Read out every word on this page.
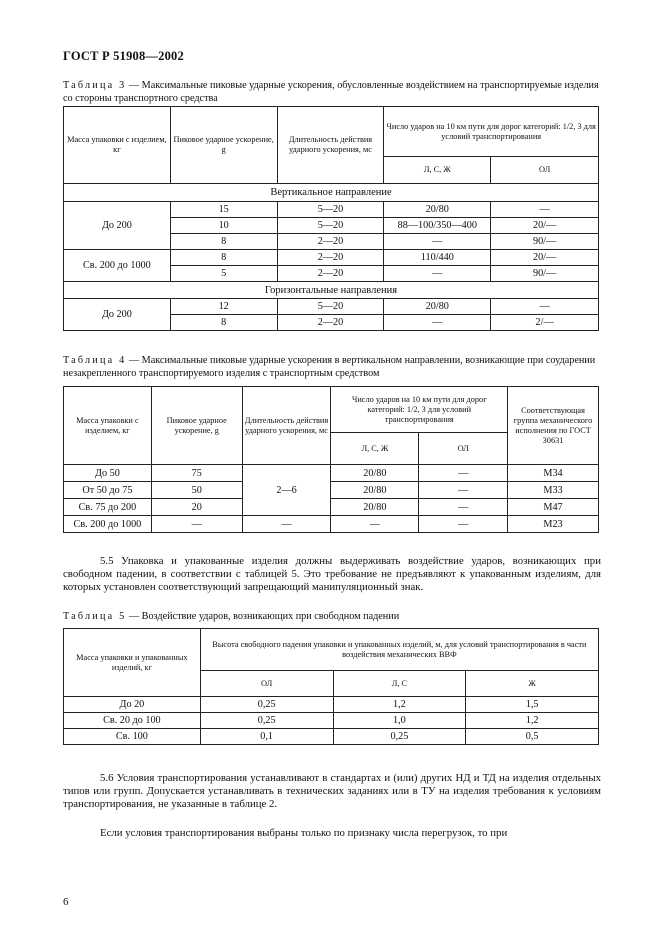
ГОСТ Р 51908—2002
Таблица 3 — Максимальные пиковые ударные ускорения, обусловленные воздействием на транспортируемые изделия со стороны транспортного средства
Масса упаковки с изделием, кг	Пиковое ударное ускорение, g	Длительность действия ударного ускорения, мс	Число ударов на 10 км пути для дорог категорий: 1/2, 3 для условий транспортирования	
			Л, С, Ж	ОЛ
Вертикальное направление				
До 200	15	5—20	20/80	—
	10	5—20	88—100/350—400	20/—
	8	2—20	—	90/—
Св. 200 до 1000	8	2—20	110/440	20/—
	5	2—20	—	90/—
Горизонтальные направления				
До 200	12	5—20	20/80	—
	8	2—20	—	2/—
Таблица 4 — Максимальные пиковые ударные ускорения в вертикальном направлении, возникающие при соударении незакрепленного транспортируемого изделия с транспортным средством
Масса упаковки с изделием, кг	Пиковое ударное ускорение, g	Длительность действия ударного ускорения, мс	Число ударов на 10 км пути для дорог категорий: 1/2, 3 для условий транспортирования		Соответствующая группа механического исполнения по ГОСТ 30631
			Л, С, Ж	ОЛ	
До 50	75	2—6	20/80	—	М34
От 50 до 75	50		20/80	—	М33
Св. 75 до 200	20		20/80	—	М47
Св. 200 до 1000	—	—	—	—	М23
5.5 Упаковка и упакованные изделия должны выдерживать воздействие ударов, возникающих при свободном падении, в соответствии с таблицей 5. Это требование не предъявляют к упакованным изделиям, для которых установлен соответствующий запрещающий манипуляционный знак.
Таблица 5 — Воздействие ударов, возникающих при свободном падении
Масса упаковки и упакованных изделий, кг	Высота свободного падения упаковки и упакованных изделий, м, для условий транспортирования в части воздействия механических ВВФ		
	ОЛ	Л, С	Ж
До 20	0,25	1,2	1,5
Св. 20 до 100	0,25	1,0	1,2
Св. 100	0,1	0,25	0,5
5.6 Условия транспортирования устанавливают в стандартах и (или) других НД и ТД на изделия отдельных типов или групп. Допускается устанавливать в технических заданиях или в ТУ на изделия требования к условиям транспортирования, не указанные в таблице 2.
Если условия транспортирования выбраны только по признаку числа перегрузок, то при
6
